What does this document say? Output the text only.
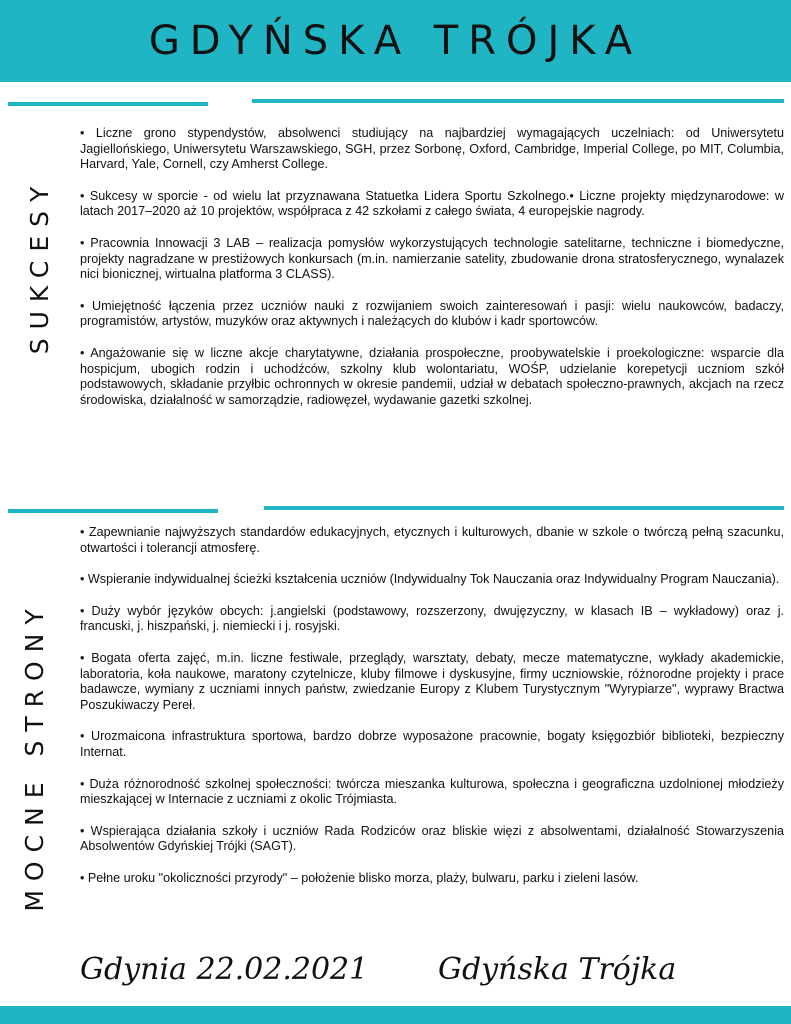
GDYŃSKA TRÓJKA
SUKCESY

• Liczne grono stypendystów, absolwenci studiujący na najbardziej wymagających uczelniach: od Uniwersytetu Jagiellońskiego, Uniwersytetu Warszawskiego, SGH, przez Sorbonę, Oxford, Cambridge, Imperial College, po MIT, Columbia, Harvard, Yale, Cornell, czy Amherst College.

• Sukcesy w sporcie - od wielu lat przyznawana Statuetka Lidera Sportu Szkolnego.• Liczne projekty międzynarodowe: w latach 2017–2020 aż 10 projektów, współpraca z 42 szkołami z całego świata, 4 europejskie nagrody.

• Pracownia Innowacji 3 LAB – realizacja pomysłów wykorzystujących technologie satelitarne, techniczne i biomedyczne, projekty nagradzane w prestiżowych konkursach (m.in. namierzanie satelity, zbudowanie drona stratosferycznego, wynalazek nici bionicznej, wirtualna platforma 3 CLASS).

• Umiejętność łączenia przez uczniów nauki z rozwijaniem swoich zainteresowań i pasji: wielu naukowców, badaczy, programistów, artystów, muzyków oraz aktywnych i należących do klubów i kadr sportowców.

• Angażowanie się w liczne akcje charytatywne, działania prospołeczne, proobywatelskie i proekologiczne: wsparcie dla hospicjum, ubogich rodzin i uchodźców, szkolny klub wolontariatu, WOŚP, udzielanie korepetycji uczniom szkół podstawowych, składanie przyłbic ochronnych w okresie pandemii, udział w debatach społeczno-prawnych, akcjach na rzecz środowiska, działalność w samorządzie, radiowęzeł, wydawanie gazetki szkolnej.

MOCNE STRONY

• Zapewnianie najwyższych standardów edukacyjnych, etycznych i kulturowych, dbanie w szkole o twórczą pełną szacunku, otwartości i tolerancji atmosferę.

• Wspieranie indywidualnej ścieżki kształcenia uczniów (Indywidualny Tok Nauczania oraz Indywidualny Program Nauczania).

• Duży wybór języków obcych: j.angielski (podstawowy, rozszerzony, dwujęzyczny, w klasach IB – wykładowy) oraz j. francuski, j. hiszpański, j. niemiecki i j. rosyjski.

• Bogata oferta zajęć, m.in. liczne festiwale, przeglądy, warsztaty, debaty, mecze matematyczne, wykłady akademickie, laboratoria, koła naukowe, maratony czytelnicze, kluby filmowe i dyskusyjne, firmy uczniowskie, różnorodne projekty i prace badawcze, wymiany z uczniami innych państw, zwiedzanie Europy z Klubem Turystycznym "Wyrypiarze", wyprawy Bractwa Poszukiwaczy Pereł.

• Urozmaicona infrastruktura sportowa, bardzo dobrze wyposażone pracownie, bogaty księgozbiór biblioteki, bezpieczny Internat.

• Duża różnorodność szkolnej społeczności: twórcza mieszanka kulturowa, społeczna i geograficzna uzdolnionej młodzieży mieszkającej w Internacie z uczniami z okolic Trójmiasta.

• Wspierająca działania szkoły i uczniów Rada Rodziców oraz bliskie więzi z absolwentami, działalność Stowarzyszenia Absolwentów Gdyńskiej Trójki (SAGT).

• Pełne uroku "okoliczności przyrody" – położenie blisko morza, plaży, bulwaru, parku i zieleni lasów.

Gdynia 22.02.2021 Gdyńska Trójka
